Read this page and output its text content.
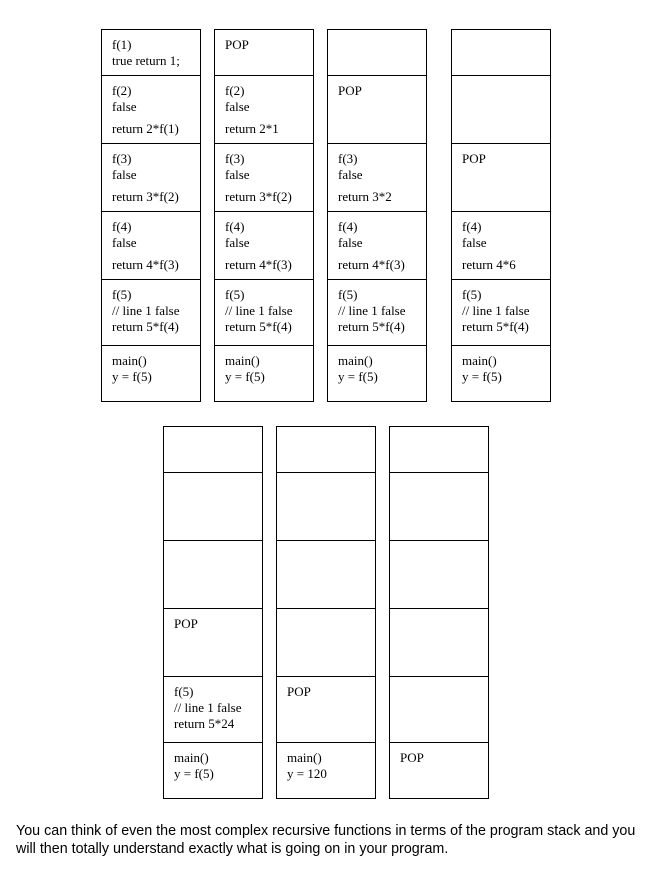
f(1)
true return 1;
f(2)
false
return 2*f(1)
f(3)
false
return 3*f(2)
f(4)
false
return 4*f(3)
f(5)
// line 1 false
return 5*f(4)
main()
y = f(5)
POP
f(2)
false
return 2*1
f(3)
false
return 3*f(2)
f(4)
false
return 4*f(3)
f(5)
// line 1 false
return 5*f(4)
main()
y = f(5)
POP
f(3)
false
return 3*2
f(4)
false
return 4*f(3)
f(5)
// line 1 false
return 5*f(4)
main()
y = f(5)
POP
f(4)
false
return 4*6
f(5)
// line 1 false
return 5*f(4)
main()
y = f(5)
POP
f(5)
// line 1 false
return 5*24
main()
y = f(5)
POP
main()
y = 120
POP
You can think of even the most complex recursive functions in terms of the program stack and you will then totally understand exactly what is going on in your program.
